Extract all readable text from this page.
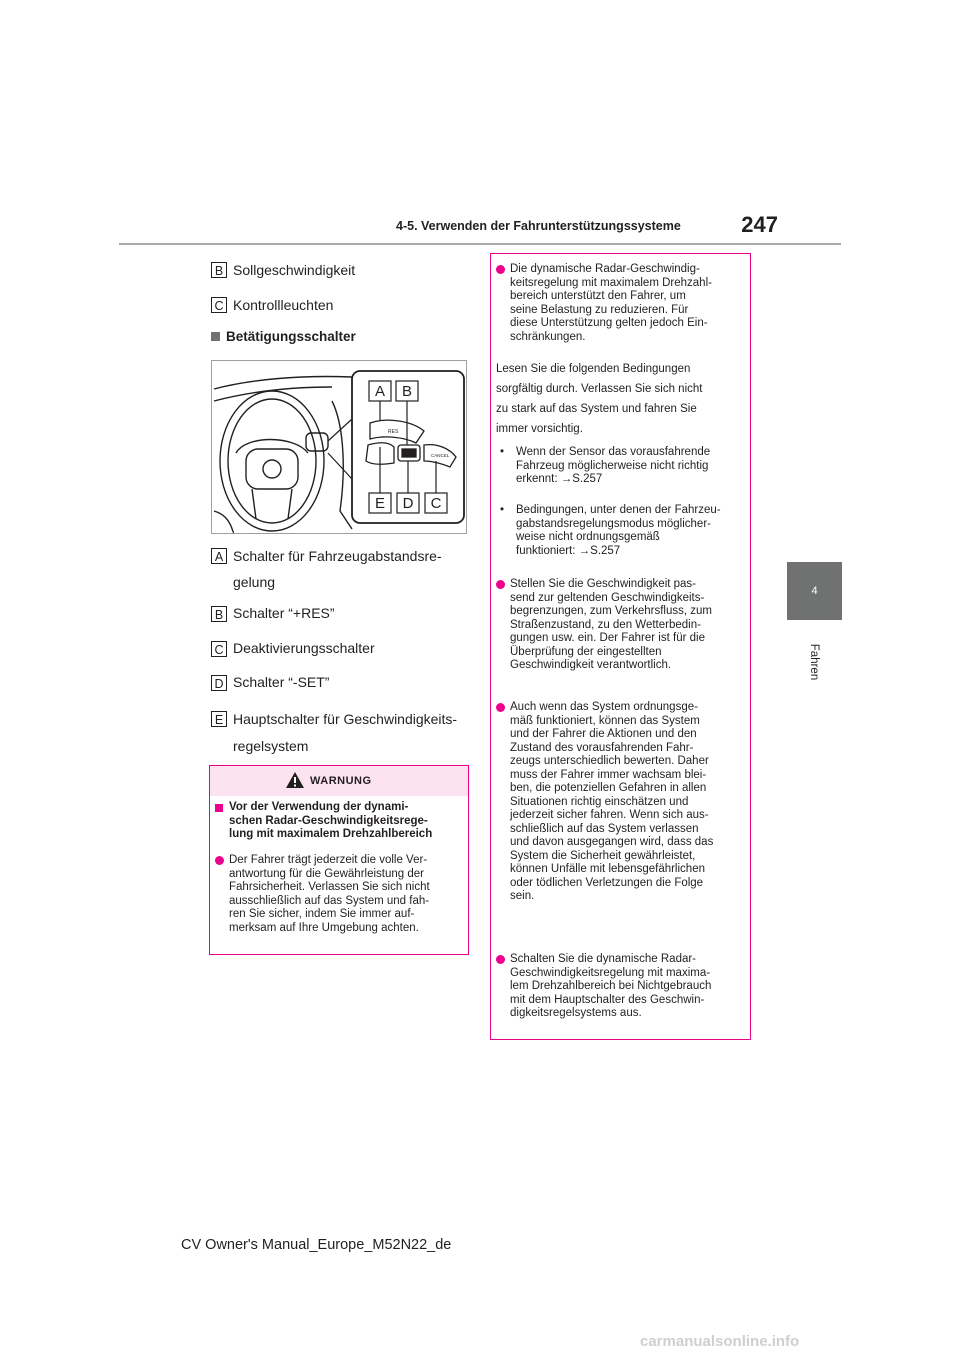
4-5. Verwenden der Fahrunterstützungssysteme	247
4
Fahren
B Sollgeschwindigkeit
C Kontrollleuchten
Betätigungsschalter
RES
CANCEL
A B
E D C
A Schalter für Fahrzeugabstandsre-
gelung
B Schalter “+RES”
C Deaktivierungsschalter
D Schalter “-SET”
E Hauptschalter für Geschwindigkeits-
regelsystem
WARNUNG
Vor der Verwendung der dynami-
schen Radar-Geschwindigkeitsrege-
lung mit maximalem Drehzahlbereich
Der Fahrer trägt jederzeit die volle Ver-
antwortung für die Gewährleistung der
Fahrsicherheit. Verlassen Sie sich nicht
ausschließlich auf das System und fah-
ren Sie sicher, indem Sie immer auf-
merksam auf Ihre Umgebung achten.
Die dynamische Radar-Geschwindig-
keitsregelung mit maximalem Drehzahl-
bereich unterstützt den Fahrer, um
seine Belastung zu reduzieren. Für
diese Unterstützung gelten jedoch Ein-
schränkungen.
Lesen Sie die folgenden Bedingungen
sorgfältig durch. Verlassen Sie sich nicht
zu stark auf das System und fahren Sie
immer vorsichtig.
•	Wenn der Sensor das vorausfahrende
Fahrzeug möglicherweise nicht richtig
erkennt: →S.257
•	Bedingungen, unter denen der Fahrzeu-
gabstandsregelungsmodus möglicher-
weise nicht ordnungsgemäß
funktioniert: →S.257
Stellen Sie die Geschwindigkeit pas-
send zur geltenden Geschwindigkeits-
begrenzungen, zum Verkehrsfluss, zum
Straßenzustand, zu den Wetterbedin-
gungen usw. ein. Der Fahrer ist für die
Überprüfung der eingestellten
Geschwindigkeit verantwortlich.
Auch wenn das System ordnungsge-
mäß funktioniert, können das System
und der Fahrer die Aktionen und den
Zustand des vorausfahrenden Fahr-
zeugs unterschiedlich bewerten. Daher
muss der Fahrer immer wachsam blei-
ben, die potenziellen Gefahren in allen
Situationen richtig einschätzen und
jederzeit sicher fahren. Wenn sich aus-
schließlich auf das System verlassen
und davon ausgegangen wird, dass das
System die Sicherheit gewährleistet,
können Unfälle mit lebensgefährlichen
oder tödlichen Verletzungen die Folge
sein.
Schalten Sie die dynamische Radar-
Geschwindigkeitsregelung mit maxima-
lem Drehzahlbereich bei Nichtgebrauch
mit dem Hauptschalter des Geschwin-
digkeitsregelsystems aus.
CV Owner's Manual_Europe_M52N22_de
carmanualsonline.info
